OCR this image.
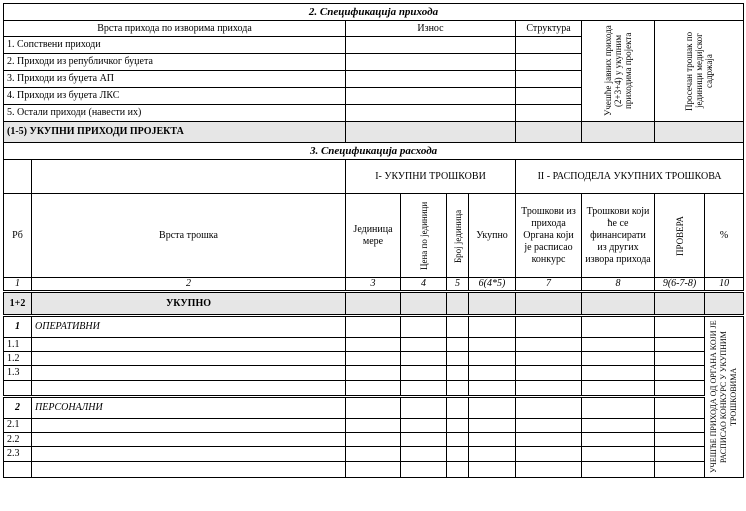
2. Спецификација прихода				
Врста прихода по изворима прихода	Износ	Структура	Учешће јавних прихода (2+3+4) у укупним приходима пројекта	Просечан трошак по јединици медијског садржаја

1. Сопствени приходи				
2. Приходи из републичког буџета				
3. Приходи из буџета АП				
4. Приходи из буџета ЛКС				
5. Остали приходи (навести их)				
(1-5) УКУПНИ ПРИХОДИ ПРОЈЕКТА				
3. Спецификација расхода									
		I- УКУПНИ ТРОШКОВИ				II - РАСПОДЕЛА УКУПНИХ ТРОШКОВА			
Рб	Врста трошка	Јединица мере	Цена по јединици	Број јединица	Укупно	Трошкови из прихода Органа који је расписао конкурс	Трошкови који ће се финансирати из других извора прихода	ПРОВЕРА	%
1	2	3	4	5	6(4*5)	7	8	9(6-7-8)	10
1+2	УКУПНО								
1	ОПЕРАТИВНИ								УЧЕШЋЕ ПРИХОДА ОД ОРГАНА КОЈИ ЈЕ РАСПИСАО КОНКУРС У УКУПНИМ ТРОШКОВИМА

1.1									
1.2									
1.3									

2	ПЕРСОНАЛНИ								
2.1									
2.2									
2.3									
